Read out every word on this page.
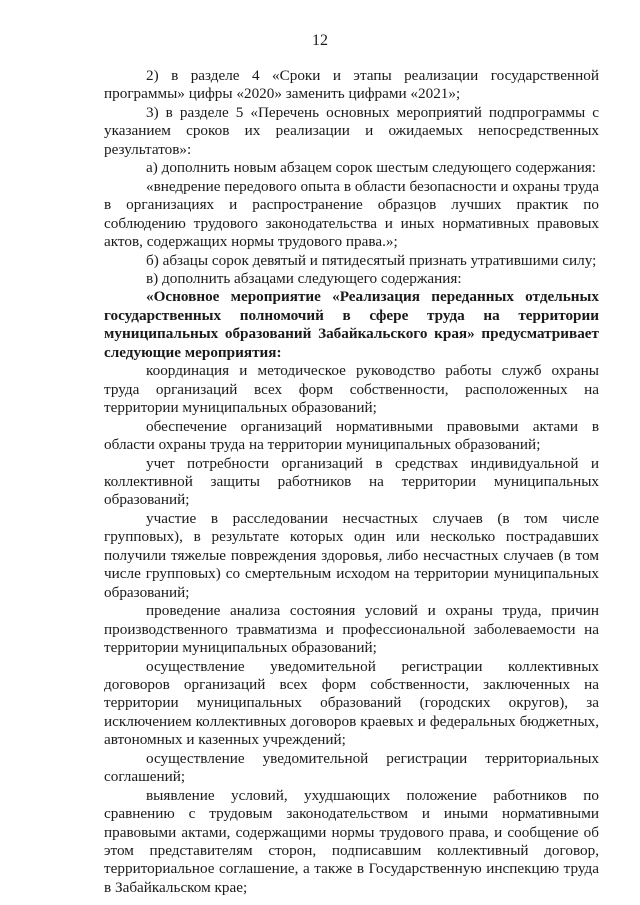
12

2) в разделе 4 «Сроки и этапы реализации государственной программы» цифры «2020» заменить цифрами «2021»;

3) в разделе 5 «Перечень основных мероприятий подпрограммы с указанием сроков их реализации и ожидаемых непосредственных результатов»:

а) дополнить новым абзацем сорок шестым следующего содержания:

«внедрение передового опыта в области безопасности и охраны труда в организациях и распространение образцов лучших практик по соблюдению трудового законодательства и иных нормативных правовых актов, содержащих нормы трудового права.»;

б) абзацы сорок девятый и пятидесятый признать утратившими силу;

в) дополнить абзацами следующего содержания:

«Основное мероприятие «Реализация переданных отдельных государственных полномочий в сфере труда на территории муниципальных образований Забайкальского края» предусматривает следующие мероприятия:

координация и методическое руководство работы служб охраны труда организаций всех форм собственности, расположенных на территории муниципальных образований;

обеспечение организаций нормативными правовыми актами в области охраны труда на территории муниципальных образований;

учет потребности организаций в средствах индивидуальной и коллективной защиты работников на территории муниципальных образований;

участие в расследовании несчастных случаев (в том числе групповых), в результате которых один или несколько пострадавших получили тяжелые повреждения здоровья, либо несчастных случаев (в том числе групповых) со смертельным исходом на территории муниципальных образований;

проведение анализа состояния условий и охраны труда, причин производственного травматизма и профессиональной заболеваемости на территории муниципальных образований;

осуществление уведомительной регистрации коллективных договоров организаций всех форм собственности, заключенных на территории муниципальных образований (городских округов), за исключением коллективных договоров краевых и федеральных бюджетных, автономных и казенных учреждений;

осуществление уведомительной регистрации территориальных соглашений;

выявление условий, ухудшающих положение работников по сравнению с трудовым законодательством и иными нормативными правовыми актами, содержащими нормы трудового права, и сообщение об этом представителям сторон, подписавшим коллективный договор, территориальное соглашение, а также в Государственную инспекцию труда в Забайкальском крае;
